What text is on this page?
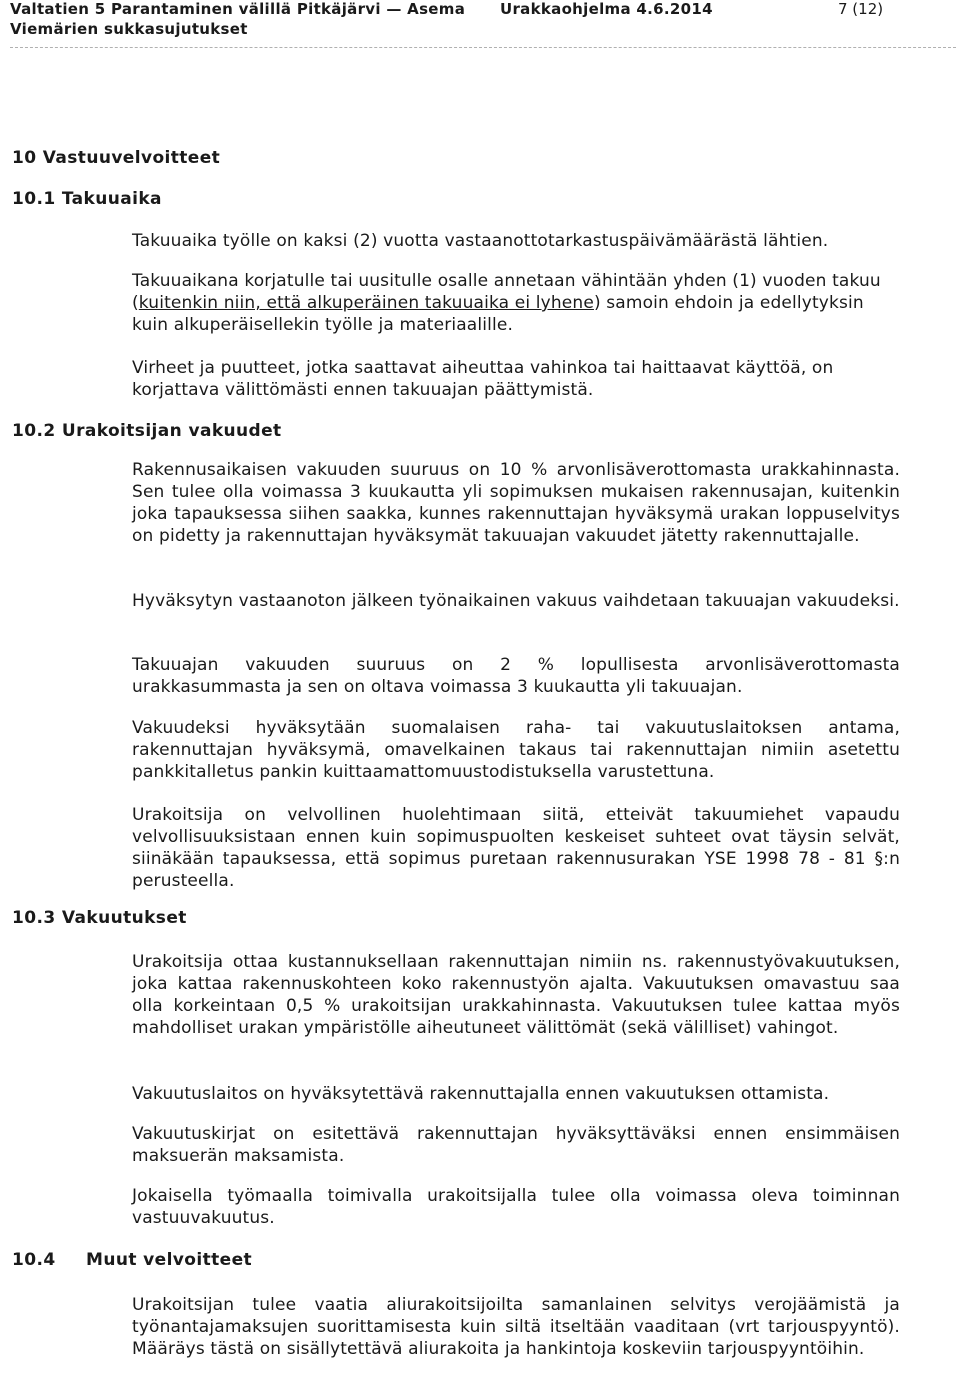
Valtatien 5 Parantaminen välillä Pitkäjärvi — Asema Urakkaohjelma 4.6.2014	7 (12)
Viemärien sukkasujutukset
10 Vastuuvelvoitteet
10.1 Takuuaika

Takuuaika työlle on kaksi (2) vuotta vastaanottotarkastuspäivämäärästä lähtien.

Takuuaikana korjatulle tai uusitulle osalle annetaan vähintään yhden (1) vuoden takuu (kuitenkin niin, että alkuperäinen takuuaika ei lyhene) samoin ehdoin ja edellytyksin kuin alkuperäisellekin työlle ja materiaalille.

Virheet ja puutteet, jotka saattavat aiheuttaa vahinkoa tai haittaavat käyttöä, on korjattava välittömästi ennen takuuajan päättymistä.

10.2 Urakoitsijan vakuudet

Rakennusaikaisen vakuuden suuruus on 10 % arvonlisäverottomasta urakkahinnasta. Sen tulee olla voimassa 3 kuukautta yli sopimuksen mukaisen rakennusajan, kuitenkin joka tapauksessa siihen saakka, kunnes rakennuttajan hyväksymä urakan loppuselvitys on pidetty ja rakennuttajan hyväksymät takuuajan vakuudet jätetty rakennuttajalle.

Hyväksytyn vastaanoton jälkeen työnaikainen vakuus vaihdetaan takuuajan vakuudeksi.

Takuuajan vakuuden suuruus on 2 % lopullisesta arvonlisäverottomasta urakkasummasta ja sen on oltava voimassa 3 kuukautta yli takuuajan.

Vakuudeksi hyväksytään suomalaisen raha- tai vakuutuslaitoksen antama, rakennuttajan hyväksymä, omavelkainen takaus tai rakennuttajan nimiin asetettu pankkitalletus pankin kuittaamattomuustodistuksella varustettuna.

Urakoitsija on velvollinen huolehtimaan siitä, etteivät takuumiehet vapaudu velvollisuuksistaan ennen kuin sopimuspuolten keskeiset suhteet ovat täysin selvät, siinäkään tapauksessa, että sopimus puretaan rakennusurakan YSE 1998 78 - 81 §:n perusteella.

10.3 Vakuutukset

Urakoitsija ottaa kustannuksellaan rakennuttajan nimiin ns. rakennustyövakuutuksen, joka kattaa rakennuskohteen koko rakennustyön ajalta. Vakuutuksen omavastuu saa olla korkeintaan 0,5 % urakoitsijan urakkahinnasta. Vakuutuksen tulee kattaa myös mahdolliset urakan ympäristölle aiheutuneet välittömät (sekä välilliset) vahingot.

Vakuutuslaitos on hyväksytettävä rakennuttajalla ennen vakuutuksen ottamista.

Vakuutuskirjat on esitettävä rakennuttajan hyväksyttäväksi ennen ensimmäisen maksuerän maksamista.

Jokaisella työmaalla toimivalla urakoitsijalla tulee olla voimassa oleva toiminnan vastuuvakuutus.

10.4 Muut velvoitteet

Urakoitsijan tulee vaatia aliurakoitsijoilta samanlainen selvitys verojäämistä ja työnantajamaksujen suorittamisesta kuin siltä itseltään vaaditaan (vrt tarjouspyyntö). Määräys tästä on sisällytettävä aliurakoita ja hankintoja koskeviin tarjouspyyntöihin.
